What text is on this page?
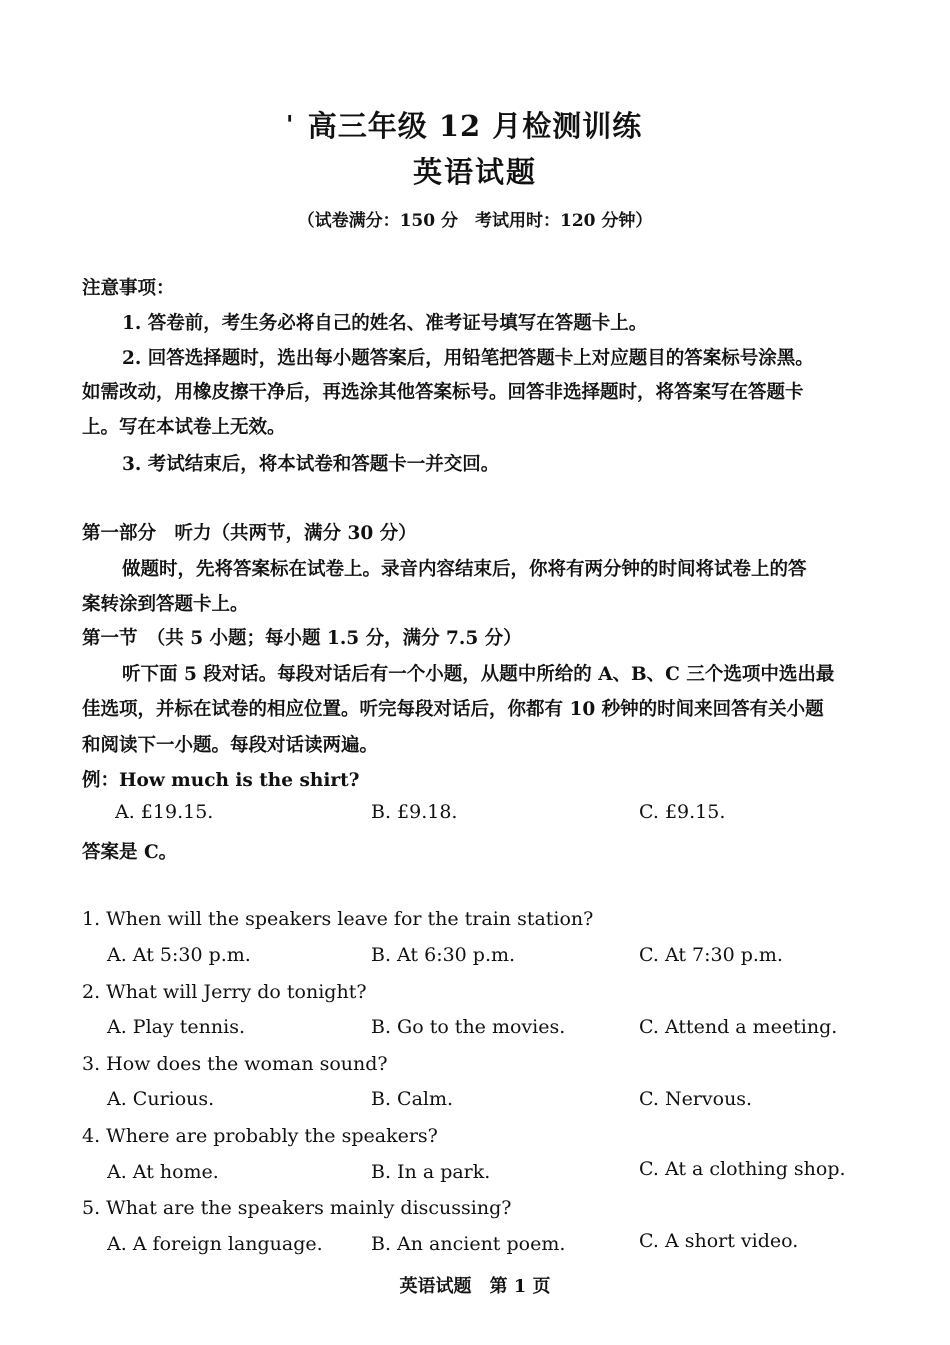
' 高三年级 12 月检测训练
英语试题
（试卷满分：150 分　考试用时：120 分钟）
注意事项：
1. 答卷前，考生务必将自己的姓名、准考证号填写在答题卡上。
2. 回答选择题时，选出每小题答案后，用铅笔把答题卡上对应题目的答案标号涂黑。
如需改动，用橡皮擦干净后，再选涂其他答案标号。回答非选择题时，将答案写在答题卡
上。写在本试卷上无效。
3. 考试结束后，将本试卷和答题卡一并交回。
第一部分　听力（共两节，满分 30 分）
做题时，先将答案标在试卷上。录音内容结束后，你将有两分钟的时间将试卷上的答
案转涂到答题卡上。
第一节　（共 5 小题；每小题 1.5 分，满分 7.5 分）
听下面 5 段对话。每段对话后有一个小题，从题中所给的 A、B、C 三个选项中选出最
佳选项，并标在试卷的相应位置。听完每段对话后，你都有 10 秒钟的时间来回答有关小题
和阅读下一小题。每段对话读两遍。
例：How much is the shirt?
A. £19.15.	B. £9.18.	C. £9.15.
答案是 C。
1. When will the speakers leave for the train station?
A. At 5:30 p.m.	B. At 6:30 p.m.	C. At 7:30 p.m.
2. What will Jerry do tonight?
A. Play tennis.	B. Go to the movies.	C. Attend a meeting.
3. How does the woman sound?
A. Curious.	B. Calm.	C. Nervous.
4. Where are probably the speakers?
A. At home.	B. In a park.	C. At a clothing shop.
5. What are the speakers mainly discussing?
A. A foreign language.	B. An ancient poem.	C. A short video.
英语试题　第 1 页
